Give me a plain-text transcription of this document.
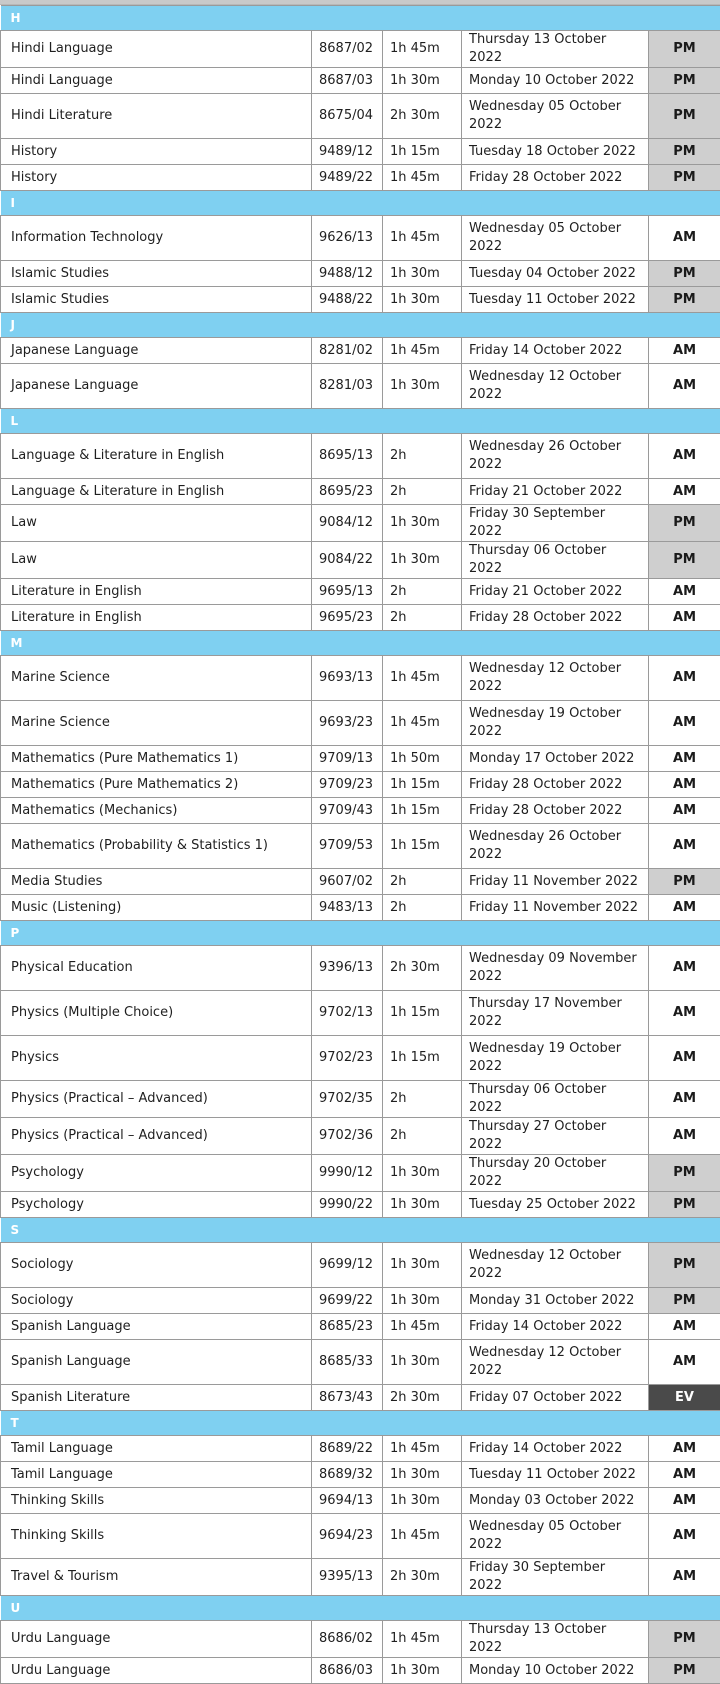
H				
Hindi Language	8687/02	1h 45m	Thursday 13 October 2022	PM
Hindi Language	8687/03	1h 30m	Monday 10 October 2022	PM
Hindi Literature	8675/04	2h 30m	Wednesday 05 October 2022	PM
History	9489/12	1h 15m	Tuesday 18 October 2022	PM
History	9489/22	1h 45m	Friday 28 October 2022	PM
I				
Information Technology	9626/13	1h 45m	Wednesday 05 October 2022	AM
Islamic Studies	9488/12	1h 30m	Tuesday 04 October 2022	PM
Islamic Studies	9488/22	1h 30m	Tuesday 11 October 2022	PM
J				
Japanese Language	8281/02	1h 45m	Friday 14 October 2022	AM
Japanese Language	8281/03	1h 30m	Wednesday 12 October 2022	AM
L				
Language & Literature in English	8695/13	2h	Wednesday 26 October 2022	AM
Language & Literature in English	8695/23	2h	Friday 21 October 2022	AM
Law	9084/12	1h 30m	Friday 30 September 2022	PM
Law	9084/22	1h 30m	Thursday 06 October 2022	PM
Literature in English	9695/13	2h	Friday 21 October 2022	AM
Literature in English	9695/23	2h	Friday 28 October 2022	AM
M				
Marine Science	9693/13	1h 45m	Wednesday 12 October 2022	AM
Marine Science	9693/23	1h 45m	Wednesday 19 October 2022	AM
Mathematics (Pure Mathematics 1)	9709/13	1h 50m	Monday 17 October 2022	AM
Mathematics (Pure Mathematics 2)	9709/23	1h 15m	Friday 28 October 2022	AM
Mathematics (Mechanics)	9709/43	1h 15m	Friday 28 October 2022	AM
Mathematics (Probability & Statistics 1)	9709/53	1h 15m	Wednesday 26 October 2022	AM
Media Studies	9607/02	2h	Friday 11 November 2022	PM
Music (Listening)	9483/13	2h	Friday 11 November 2022	AM
P				
Physical Education	9396/13	2h 30m	Wednesday 09 November 2022	AM
Physics (Multiple Choice)	9702/13	1h 15m	Thursday 17 November 2022	AM
Physics	9702/23	1h 15m	Wednesday 19 October 2022	AM
Physics (Practical – Advanced)	9702/35	2h	Thursday 06 October 2022	AM
Physics (Practical – Advanced)	9702/36	2h	Thursday 27 October 2022	AM
Psychology	9990/12	1h 30m	Thursday 20 October 2022	PM
Psychology	9990/22	1h 30m	Tuesday 25 October 2022	PM
S				
Sociology	9699/12	1h 30m	Wednesday 12 October 2022	PM
Sociology	9699/22	1h 30m	Monday 31 October 2022	PM
Spanish Language	8685/23	1h 45m	Friday 14 October 2022	AM
Spanish Language	8685/33	1h 30m	Wednesday 12 October 2022	AM
Spanish Literature	8673/43	2h 30m	Friday 07 October 2022	EV
T				
Tamil Language	8689/22	1h 45m	Friday 14 October 2022	AM
Tamil Language	8689/32	1h 30m	Tuesday 11 October 2022	AM
Thinking Skills	9694/13	1h 30m	Monday 03 October 2022	AM
Thinking Skills	9694/23	1h 45m	Wednesday 05 October 2022	AM
Travel & Tourism	9395/13	2h 30m	Friday 30 September 2022	AM
U				
Urdu Language	8686/02	1h 45m	Thursday 13 October 2022	PM
Urdu Language	8686/03	1h 30m	Monday 10 October 2022	PM
